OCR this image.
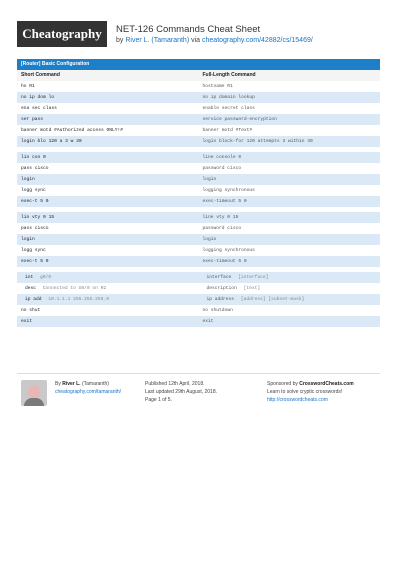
Cheatography	NET-126 Commands Cheat Sheet
by River L. (Tamaranth) via cheatography.com/42882/cs/15469/
[Router] Basic Configuration
Short Command	Full-Length Command
ho R1	hostname R1
no ip dom lo	no ip domain lookup
ena sec class	enable secret class
ser pass	service password-encryption
banner motd #Authorized access ONLY!#	banner motd #Text#
login blo 120 a 3 w 30	login block-for 120 attempts 3 within 30
lin con 0	line console 0
pass cisco	password cisco
login	login
logg sync	logging synchronous
exec-t 5 0	exec-timeout 5 0
lin vty 0 15	line vty 0 15
pass cisco	password cisco
login	login
logg sync	logging synchronous
exec-t 5 0	exec-timeout 5 0
int g0/0	interface [interface]
desc Connected to G0/0 on R2	description [text]
ip add 10.1.1.1 255.255.255.0	ip address [address] [subnet-mask]
no shut	no shutdown
exit	exit
By River L. (Tamaranth)
cheatography.com/tamaranth/
Published 12th April, 2018.
Last updated 29th August, 2018.
Page 1 of 5.
Sponsored by CrosswordCheats.com
Learn to solve cryptic crosswords!
http://crosswordcheats.com
